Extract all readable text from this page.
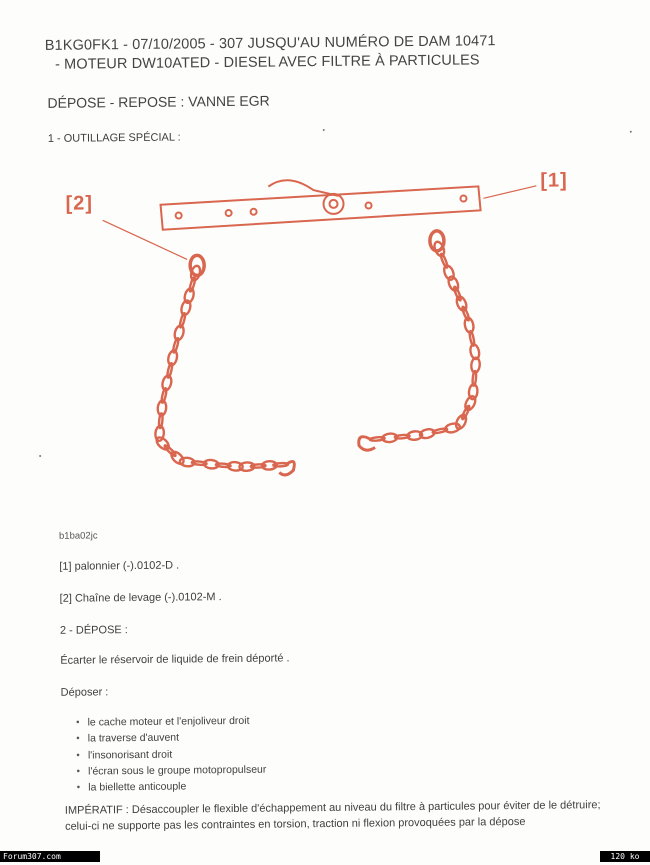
B1KG0FK1 - 07/10/2005 - 307 JUSQU'AU NUMÉRO DE DAM 10471
- MOTEUR DW10ATED - DIESEL AVEC FILTRE À PARTICULES
DÉPOSE - REPOSE : VANNE EGR
1 - OUTILLAGE SPÉCIAL :
[2]
[1]
b1ba02jc
[1] palonnier (-).0102-D .
[2] Chaîne de levage (-).0102-M .
2 - DÉPOSE :
Écarter le réservoir de liquide de frein déporté .
Déposer :
● le cache moteur et l'enjoliveur droit
● la traverse d'auvent
● l'insonorisant droit
● l'écran sous le groupe motopropulseur
● la biellette anticouple
IMPÉRATIF : Désaccoupler le flexible d'échappement au niveau du filtre à particules pour éviter de le détruire; celui-ci ne supporte pas les contraintes en torsion, traction ni flexion provoquées par la dépose
Forum307.com	120 ko
